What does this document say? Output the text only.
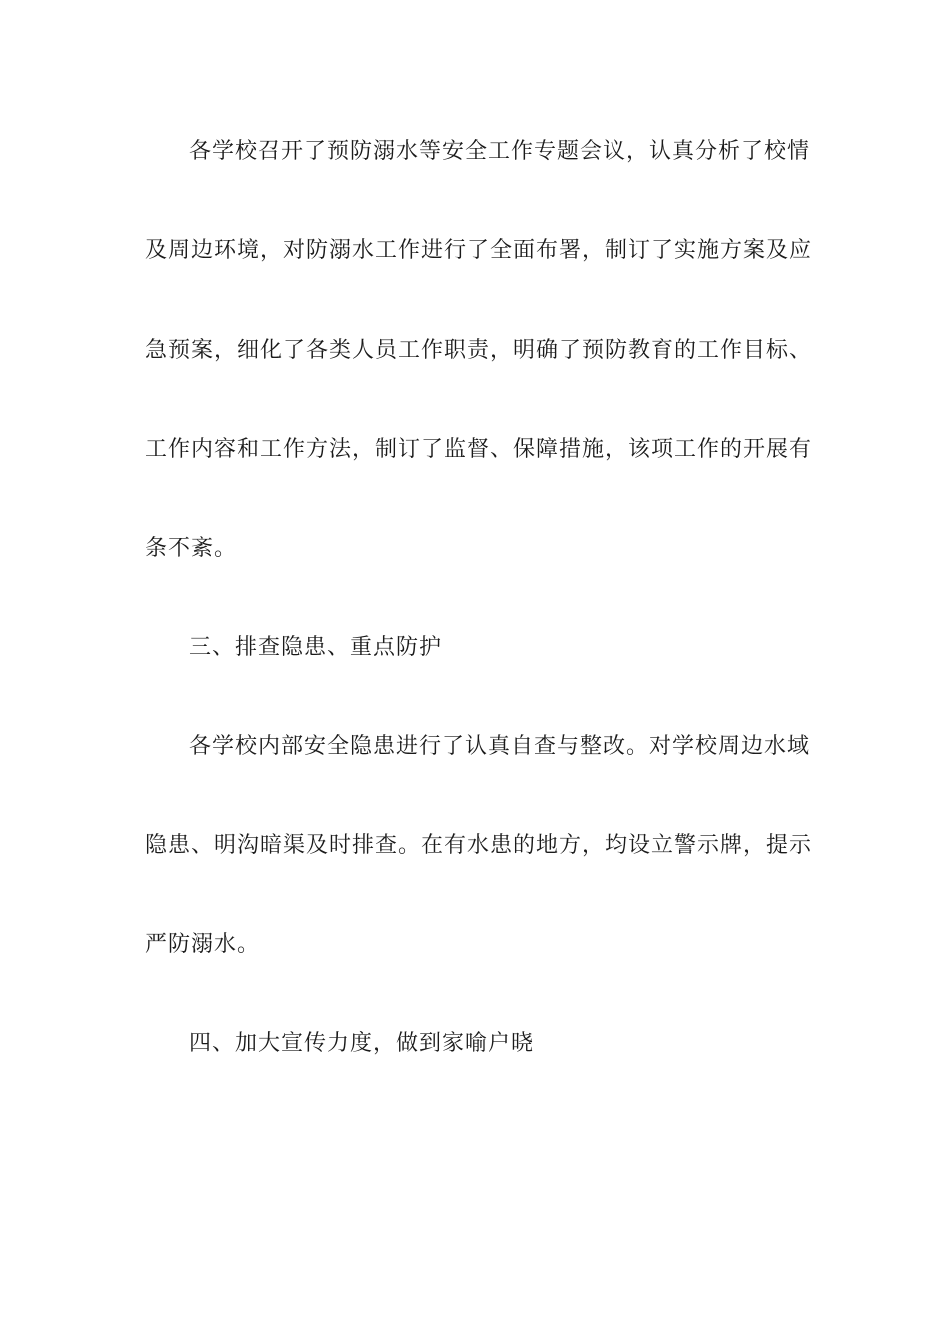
各学校召开了预防溺水等安全工作专题会议，认真分析了校情
及周边环境，对防溺水工作进行了全面布署，制订了实施方案及应
急预案，细化了各类人员工作职责，明确了预防教育的工作目标、
工作内容和工作方法，制订了监督、保障措施，该项工作的开展有
条不紊。
三、排查隐患、重点防护
各学校内部安全隐患进行了认真自查与整改。对学校周边水域
隐患、明沟暗渠及时排查。在有水患的地方，均设立警示牌，提示
严防溺水。
四、加大宣传力度，做到家喻户晓
